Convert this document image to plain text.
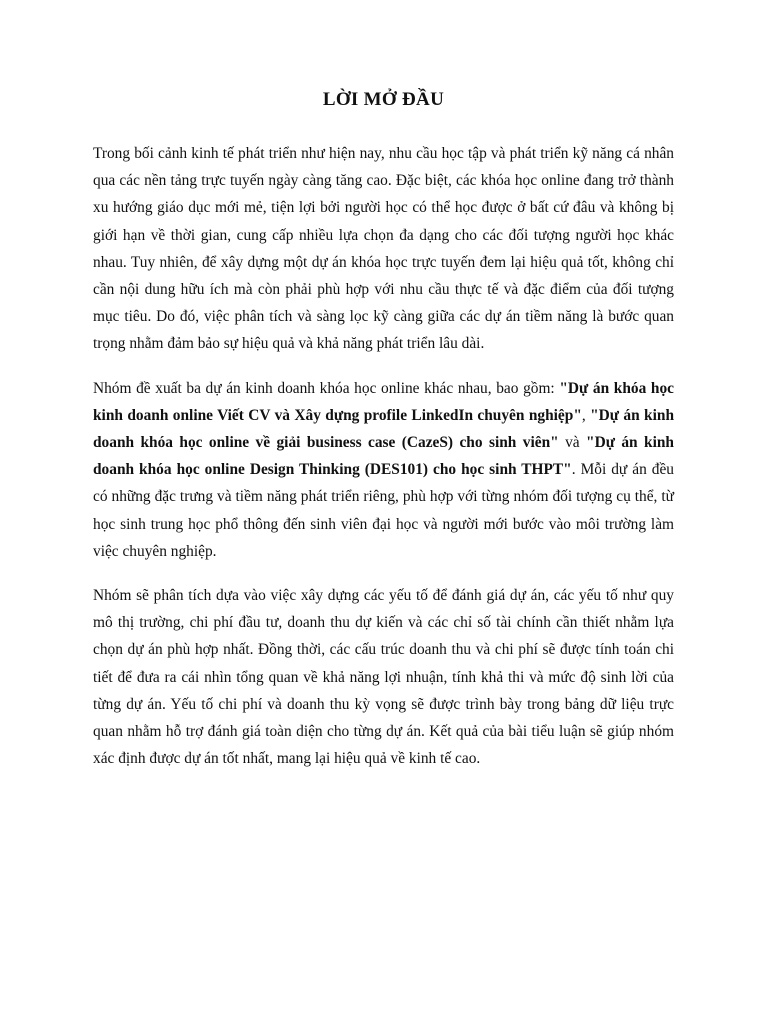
LỜI MỞ ĐẦU

Trong bối cảnh kinh tế phát triển như hiện nay, nhu cầu học tập và phát triển kỹ năng cá nhân qua các nền tảng trực tuyến ngày càng tăng cao. Đặc biệt, các khóa học online đang trở thành xu hướng giáo dục mới mẻ, tiện lợi bởi người học có thể học được ở bất cứ đâu và không bị giới hạn về thời gian, cung cấp nhiều lựa chọn đa dạng cho các đối tượng người học khác nhau. Tuy nhiên, để xây dựng một dự án khóa học trực tuyến đem lại hiệu quả tốt, không chỉ cần nội dung hữu ích mà còn phải phù hợp với nhu cầu thực tế và đặc điểm của đối tượng mục tiêu. Do đó, việc phân tích và sàng lọc kỹ càng giữa các dự án tiềm năng là bước quan trọng nhằm đảm bảo sự hiệu quả và khả năng phát triển lâu dài.

Nhóm đề xuất ba dự án kinh doanh khóa học online khác nhau, bao gồm: "Dự án khóa học kinh doanh online Viết CV và Xây dựng profile LinkedIn chuyên nghiệp", "Dự án kinh doanh khóa học online về giải business case (CazeS) cho sinh viên" và "Dự án kinh doanh khóa học online Design Thinking (DES101) cho học sinh THPT". Mỗi dự án đều có những đặc trưng và tiềm năng phát triển riêng, phù hợp với từng nhóm đối tượng cụ thể, từ học sinh trung học phổ thông đến sinh viên đại học và người mới bước vào môi trường làm việc chuyên nghiệp.

Nhóm sẽ phân tích dựa vào việc xây dựng các yếu tố để đánh giá dự án, các yếu tố như quy mô thị trường, chi phí đầu tư, doanh thu dự kiến và các chỉ số tài chính cần thiết nhằm lựa chọn dự án phù hợp nhất. Đồng thời, các cấu trúc doanh thu và chi phí sẽ được tính toán chi tiết để đưa ra cái nhìn tổng quan về khả năng lợi nhuận, tính khả thi và mức độ sinh lời của từng dự án. Yếu tố chi phí và doanh thu kỳ vọng sẽ được trình bày trong bảng dữ liệu trực quan nhằm hỗ trợ đánh giá toàn diện cho từng dự án. Kết quả của bài tiểu luận sẽ giúp nhóm xác định được dự án tốt nhất, mang lại hiệu quả về kinh tế cao.
